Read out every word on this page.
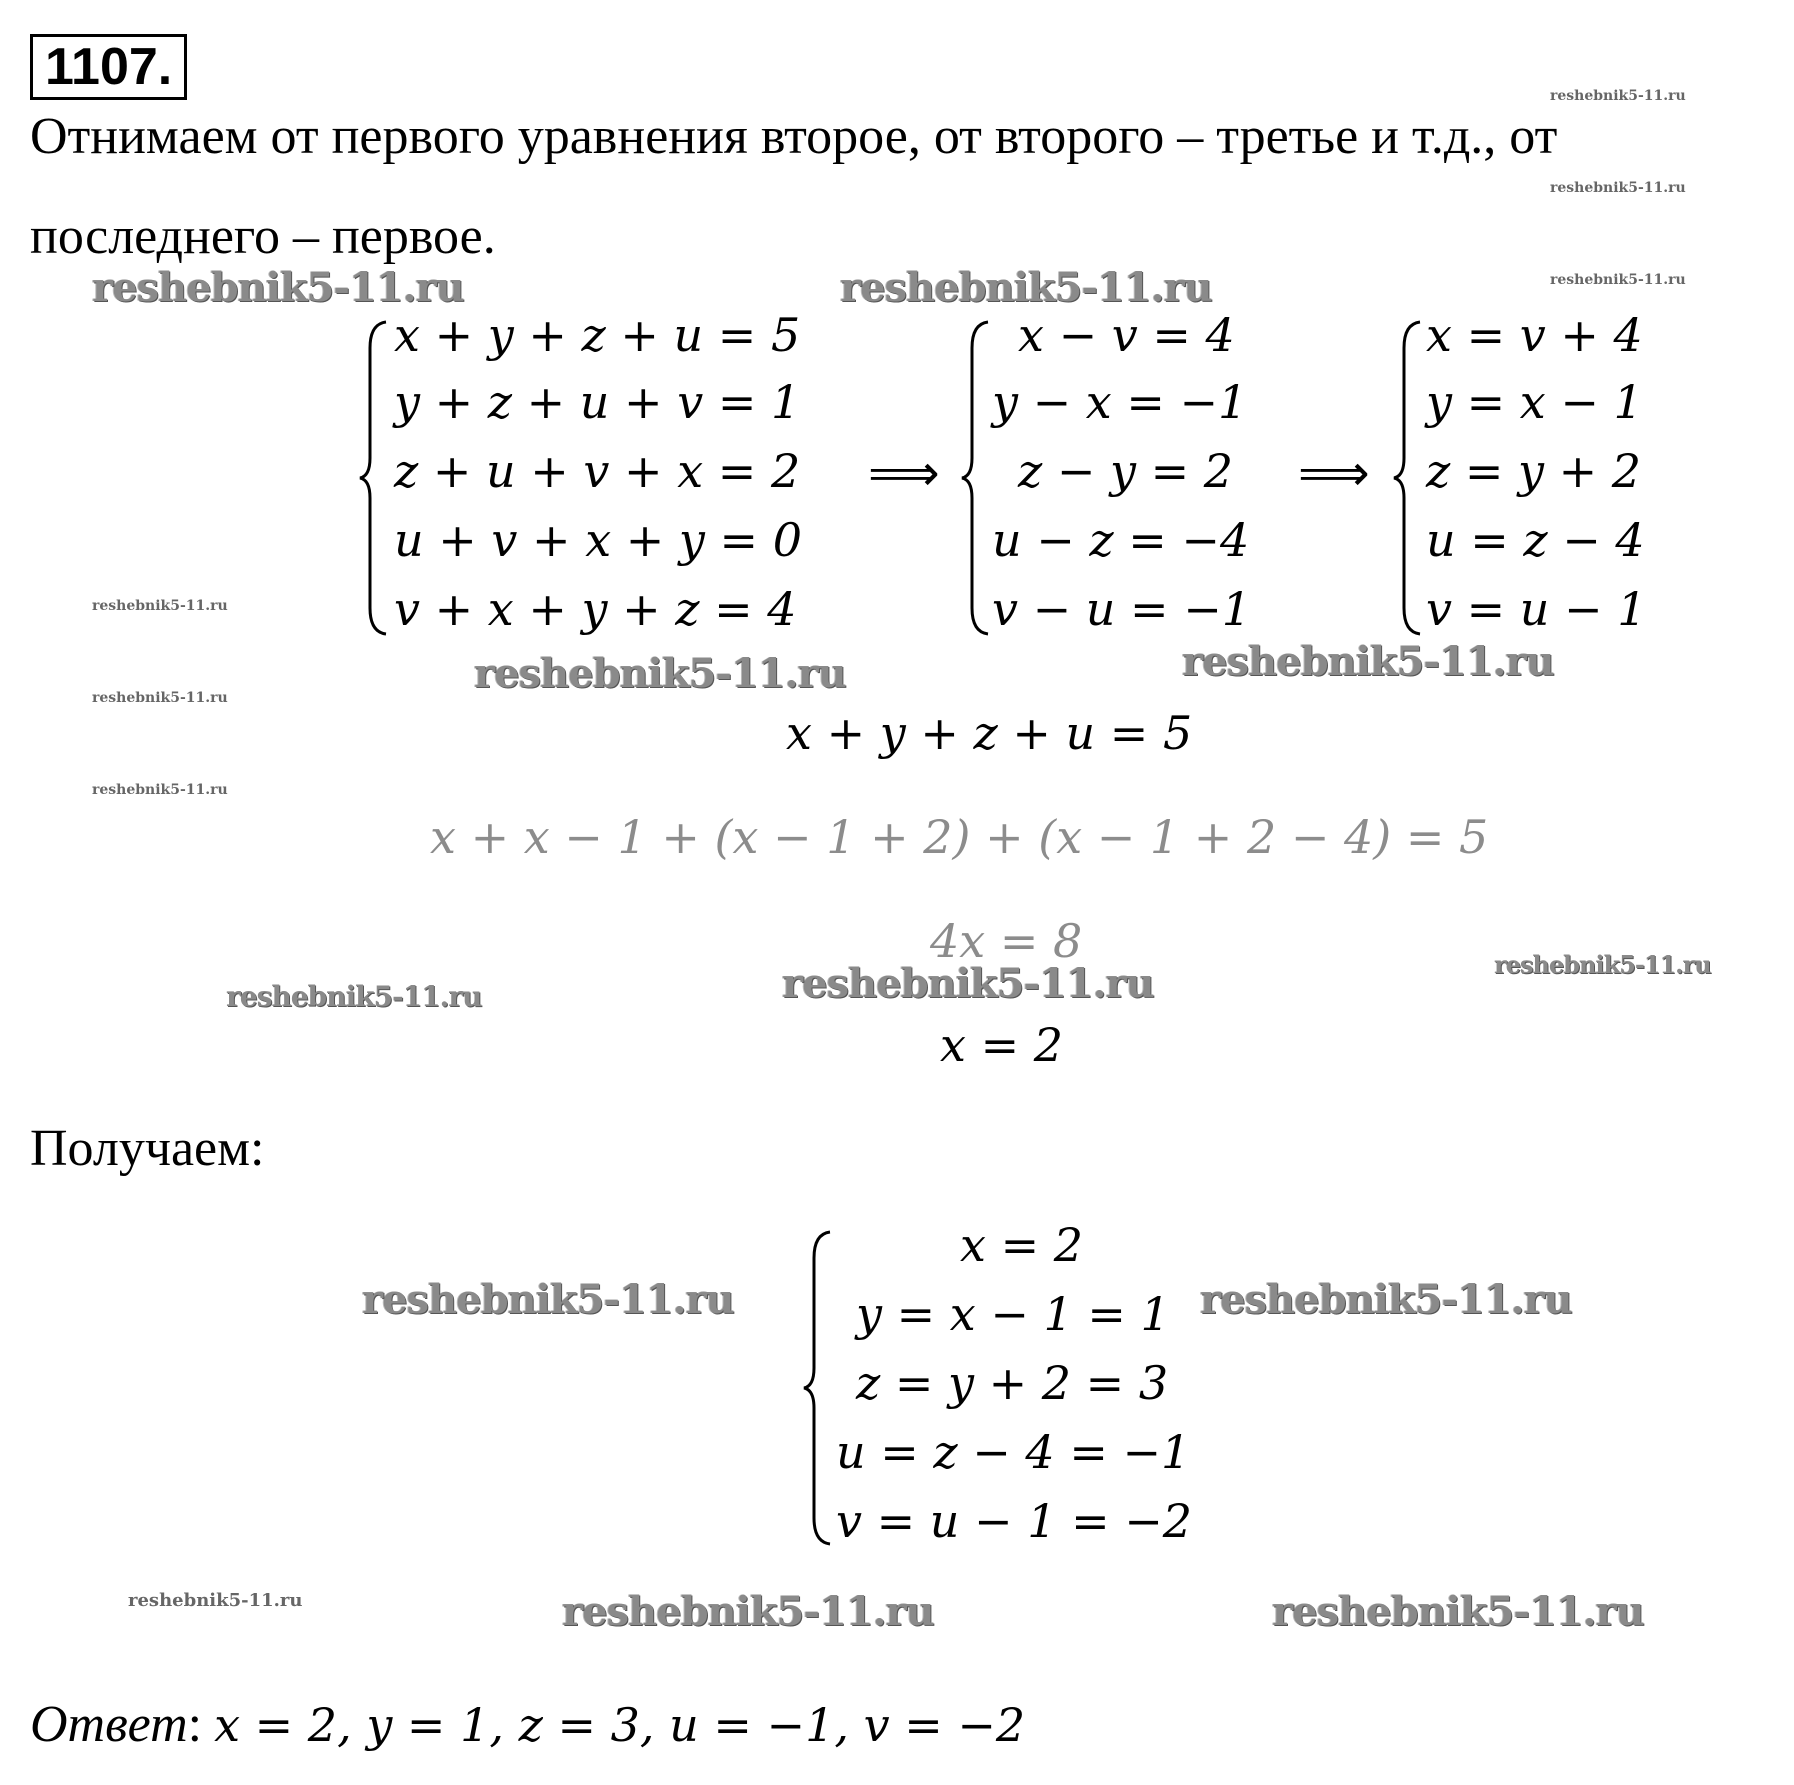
1107.
Отнимаем от первого уравнения второе, от второго – третье и т.д., от
последнего – первое.
x + y + z + u = 5
y + z + u + v = 1
z + u + v + x = 2
u + v + x + y = 0
v + x + y + z = 4
⟹
x − v = 4
y − x = −1
z − y = 2
u − z = −4
v − u = −1
⟹
x = v + 4
y = x − 1
z = y + 2
u = z − 4
v = u − 1
x + y + z + u = 5
x + x − 1 + (x − 1 + 2) + (x − 1 + 2 − 4) = 5
4x = 8
x = 2
Получаем:
x = 2
y = x − 1 = 1
z = y + 2 = 3
u = z − 4 = −1
v = u − 1 = −2
Ответ: x = 2, y = 1, z = 3, u = −1, v = −2
reshebnik5-11.ru	reshebnik5-11.ru
reshebnik5-11.ru	reshebnik5-11.ru
reshebnik5-11.ru
reshebnik5-11.ru	reshebnik5-11.ru
reshebnik5-11.ru	reshebnik5-11.ru
reshebnik5-11.ru
reshebnik5-11.ru
reshebnik5-11.ru
reshebnik5-11.ru
reshebnik5-11.ru
reshebnik5-11.ru
reshebnik5-11.ru
reshebnik5-11.ru
reshebnik5-11.ru
